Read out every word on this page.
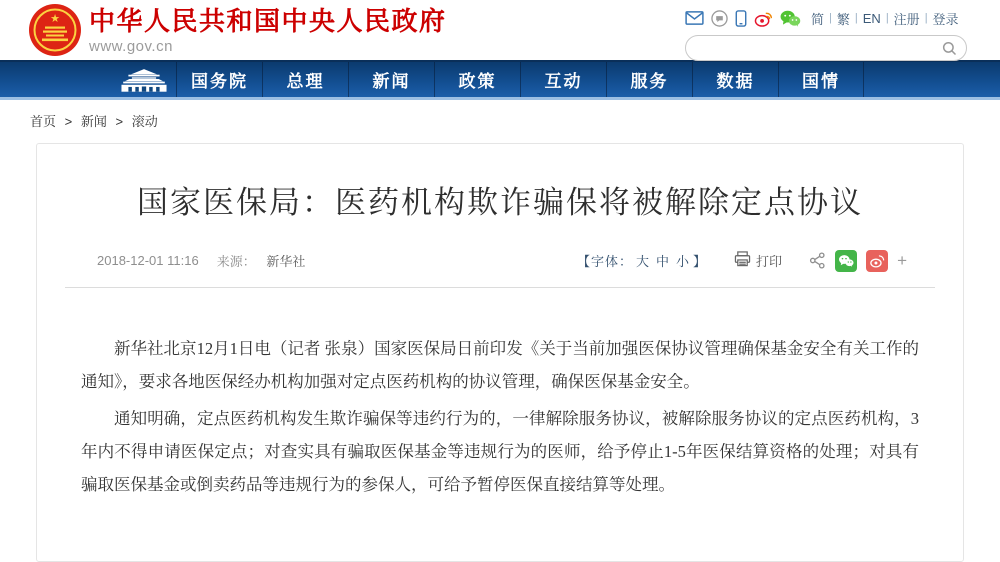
★ 中华人民共和国中央人民政府
www.gov.cn
简 | 繁 | EN | 注册 | 登录
国务院	总理	新闻	政策	互动	服务	数据	国情
首页 > 新闻 > 滚动
国家医保局：医药机构欺诈骗保将被解除定点协议
2018-12-01 11:16 来源： 新华社	【字体： 大 中 小 】	打印	+

新华社北京12月1日电（记者 张泉）国家医保局日前印发《关于当前加强医保协议管理确保基金安全有关工作的通知》，要求各地医保经办机构加强对定点医药机构的协议管理，确保医保基金安全。

通知明确，定点医药机构发生欺诈骗保等违约行为的，一律解除服务协议，被解除服务协议的定点医药机构，3年内不得申请医保定点；对查实具有骗取医保基金等违规行为的医师，给予停止1-5年医保结算资格的处理；对具有骗取医保基金或倒卖药品等违规行为的参保人，可给予暂停医保直接结算等处理。
